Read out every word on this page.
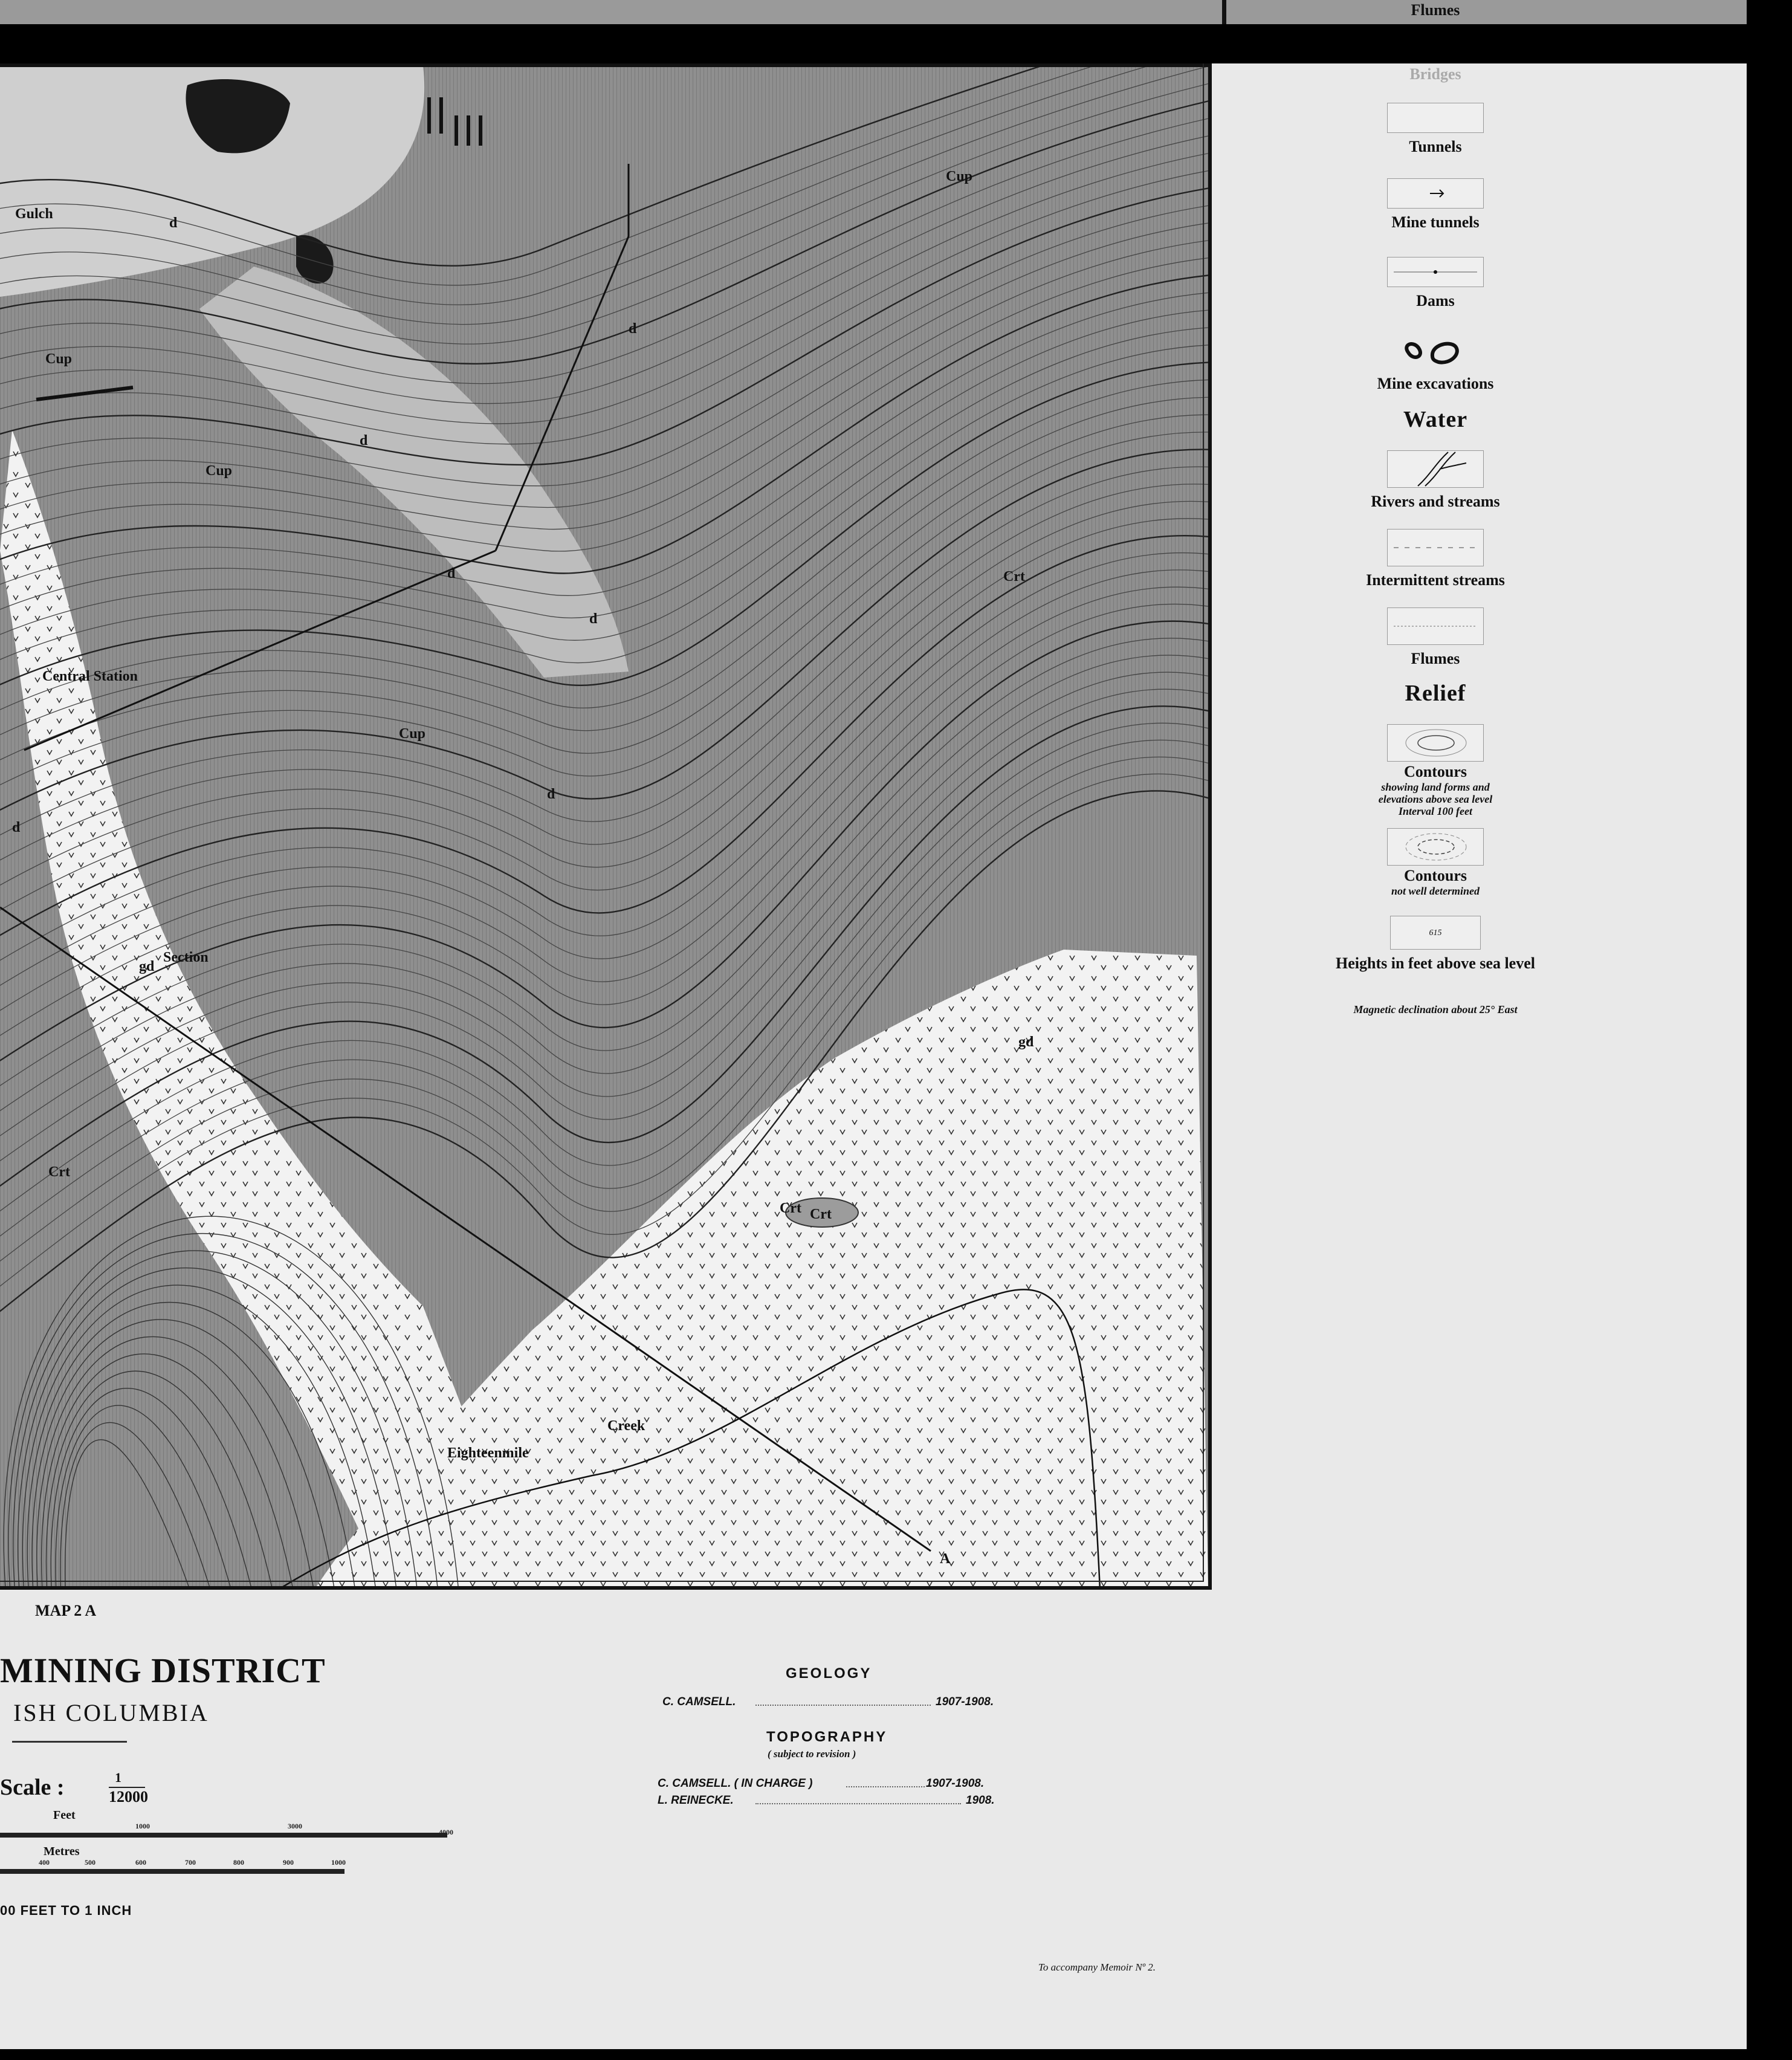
Cup
Crt
Cup
Cup
Cup
Crt
Crt Crt
d
d
d
d
d
d
d
gd
gd
Central Station
Eighteenmile
Creek
Section
Gulch
A
Flumes
Bridges
Tunnels
Mine tunnels
Dams
Mine excavations
Water
Rivers and streams
Intermittent streams
Flumes
Relief
Contours
showing land forms and
elevations above sea level
Interval 100 feet
Contours
not well determined
615
Heights in feet above sea level
Magnetic declination about 25° East
MAP 2 A
MINING DISTRICT
ISH COLUMBIA
Scale :	1
12000
Feet
1000	3000
4000
Metres
400	500	600	700	800	900	1000
00 FEET TO 1 INCH
GEOLOGY
C. CAMSELL.	1907-1908.
TOPOGRAPHY
( subject to revision )
C. CAMSELL. ( IN CHARGE )	1907-1908.
L. REINECKE.	1908.
To accompany Memoir Nº 2.
